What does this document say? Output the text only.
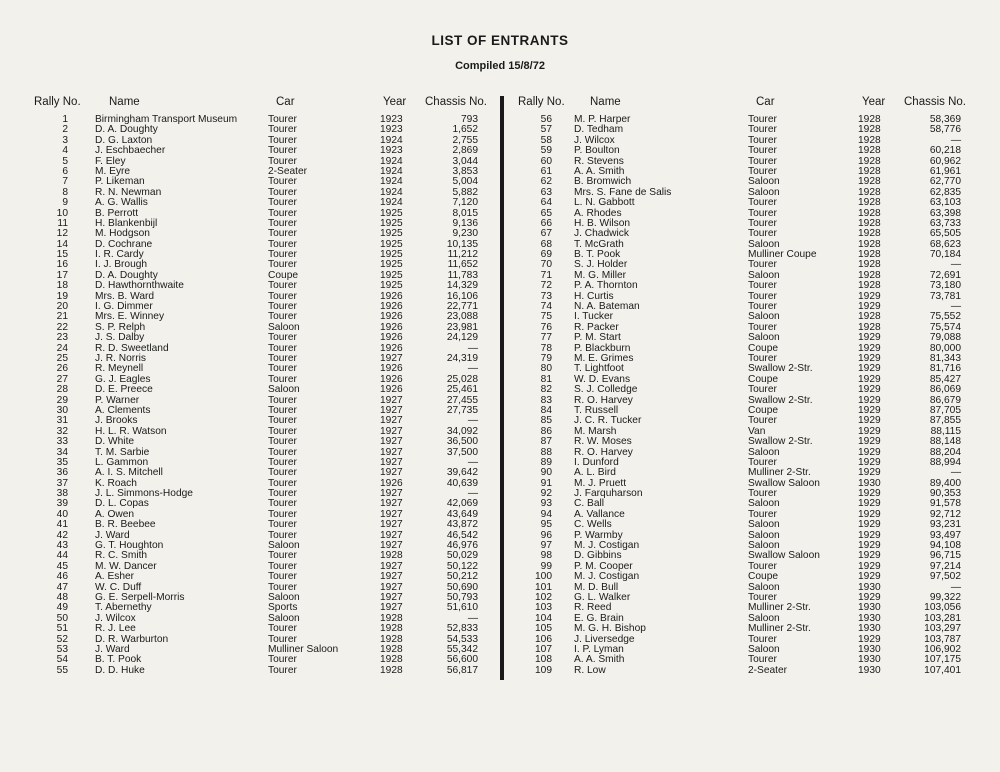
LIST OF ENTRANTS
Compiled 15/8/72
Rally No. Name	Car	Year Chassis No.
1	Birmingham Transport Museum	Tourer	1923	793
2	D. A. Doughty	Tourer	1923	1,652
3	D. G. Laxton	Tourer	1924	2,755
4	J. Eschbaecher	Tourer	1923	2,869
5	F. Eley	Tourer	1924	3,044
6	M. Eyre	2-Seater	1924	3,853
7	P. Likeman	Tourer	1924	5,004
8	R. N. Newman	Tourer	1924	5,882
9	A. G. Wallis	Tourer	1924	7,120
10	B. Perrott	Tourer	1925	8,015
11	H. Blankenbijl	Tourer	1925	9,136
12	M. Hodgson	Tourer	1925	9,230
14	D. Cochrane	Tourer	1925	10,135
15	I. R. Cardy	Tourer	1925	11,212
16	I. J. Brough	Tourer	1925	11,652
17	D. A. Doughty	Coupe	1925	11,783
18	D. Hawthornthwaite	Tourer	1925	14,329
19	Mrs. B. Ward	Tourer	1926	16,106
20	I. G. Dimmer	Tourer	1926	22,771
21	Mrs. E. Winney	Tourer	1926	23,088
22	S. P. Relph	Saloon	1926	23,981
23	J. S. Dalby	Tourer	1926	24,129
24	R. D. Sweetland	Tourer	1926	—
25	J. R. Norris	Tourer	1927	24,319
26	R. Meynell	Tourer	1926	—
27	G. J. Eagles	Tourer	1926	25,028
28	D. E. Preece	Saloon	1926	25,461
29	P. Warner	Tourer	1927	27,455
30	A. Clements	Tourer	1927	27,735
31	J. Brooks	Tourer	1927	—
32	H. L. R. Watson	Tourer	1927	34,092
33	D. White	Tourer	1927	36,500
34	T. M. Sarbie	Tourer	1927	37,500
35	L. Gammon	Tourer	1927	—
36	A. I. S. Mitchell	Tourer	1927	39,642
37	K. Roach	Tourer	1926	40,639
38	J. L. Simmons-Hodge	Tourer	1927	—
39	D. L. Copas	Tourer	1927	42,069
40	A. Owen	Tourer	1927	43,649
41	B. R. Beebee	Tourer	1927	43,872
42	J. Ward	Tourer	1927	46,542
43	G. T. Houghton	Saloon	1927	46,976
44	R. C. Smith	Tourer	1928	50,029
45	M. W. Dancer	Tourer	1927	50,122
46	A. Esher	Tourer	1927	50,212
47	W. C. Duff	Tourer	1927	50,690
48	G. E. Serpell-Morris	Saloon	1927	50,793
49	T. Abernethy	Sports	1927	51,610
50	J. Wilcox	Saloon	1928	—
51	R. J. Lee	Tourer	1928	52,833
52	D. R. Warburton	Tourer	1928	54,533
53	J. Ward	Mulliner Saloon	1928	55,342
54	B. T. Pook	Tourer	1928	56,600
55	D. D. Huke	Tourer	1928	56,817
Rally No. Name	Car	Year Chassis No.
56 M. P. Harper	Tourer	1928	58,369
57 D. Tedham	Tourer	1928	58,776
58 J. Wilcox	Tourer	1928	—
59 P. Boulton	Tourer	1928	60,218
60 R. Stevens	Tourer	1928	60,962
61 A. A. Smith	Tourer	1928	61,961
62 B. Bromwich	Saloon	1928	62,770
63 Mrs. S. Fane de Salis	Saloon	1928	62,835
64 L. N. Gabbott	Tourer	1928	63,103
65 A. Rhodes	Tourer	1928	63,398
66 H. B. Wilson	Tourer	1928	63,733
67 J. Chadwick	Tourer	1928	65,505
68 T. McGrath	Saloon	1928	68,623
69 B. T. Pook	Mulliner Coupe	1928	70,184
70 S. J. Holder	Tourer	1928	—
71 M. G. Miller	Saloon	1928	72,691
72 P. A. Thornton	Tourer	1928	73,180
73 H. Curtis	Tourer	1929	73,781
74 N. A. Bateman	Tourer	1929	—
75 I. Tucker	Saloon	1928	75,552
76 R. Packer	Tourer	1928	75,574
77 P. M. Start	Saloon	1929	79,088
78 P. Blackburn	Coupe	1929	80,000
79 M. E. Grimes	Tourer	1929	81,343
80 T. Lightfoot	Swallow 2-Str.	1929	81,716
81 W. D. Evans	Coupe	1929	85,427
82 S. J. Colledge	Tourer	1929	86,069
83 R. O. Harvey	Swallow 2-Str.	1929	86,679
84 T. Russell	Coupe	1929	87,705
85 J. C. R. Tucker	Tourer	1929	87,855
86 M. Marsh	Van	1929	88,115
87 R. W. Moses	Swallow 2-Str.	1929	88,148
88 R. O. Harvey	Saloon	1929	88,204
89 I. Dunford	Tourer	1929	88,994
90 A. L. Bird	Mulliner 2-Str.	1929	—
91 M. J. Pruett	Swallow Saloon	1930	89,400
92 J. Farquharson	Tourer	1929	90,353
93 C. Ball	Saloon	1929	91,578
94 A. Vallance	Tourer	1929	92,712
95 C. Wells	Saloon	1929	93,231
96 P. Warmby	Saloon	1929	93,497
97 M. J. Costigan	Saloon	1929	94,108
98 D. Gibbins	Swallow Saloon	1929	96,715
99 P. M. Cooper	Tourer	1929	97,214
100 M. J. Costigan	Coupe	1929	97,502
101 M. D. Bull	Saloon	1930	—
102 G. L. Walker	Tourer	1929	99,322
103 R. Reed	Mulliner 2-Str.	1930	103,056
104 E. G. Brain	Saloon	1930	103,281
105 M. G. H. Bishop	Mulliner 2-Str.	1930	103,297
106 J. Liversedge	Tourer	1929	103,787
107 I. P. Lyman	Saloon	1930	106,902
108 A. A. Smith	Tourer	1930	107,175
109 R. Low	2-Seater	1930	107,401
